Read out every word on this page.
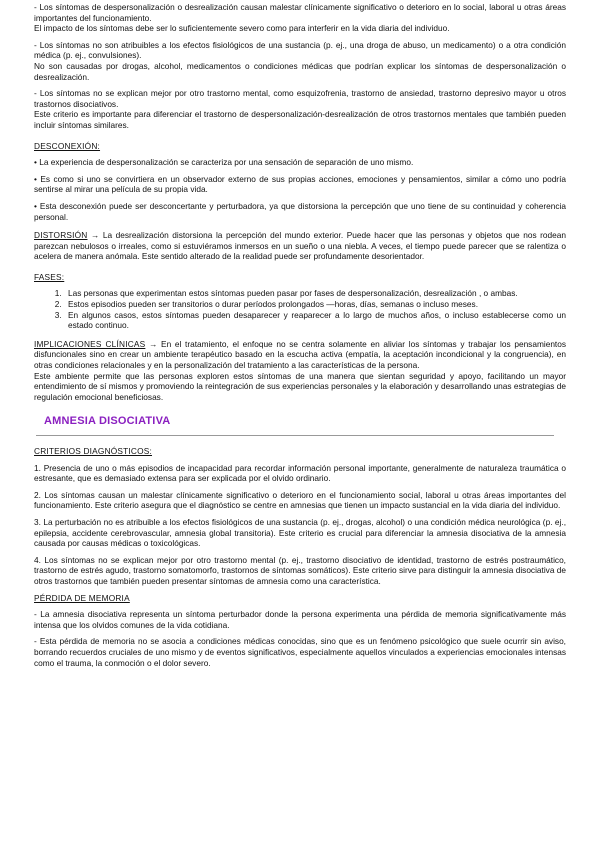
- Los síntomas de despersonalización o desrealización causan malestar clínicamente significativo o deterioro en lo social, laboral u otras áreas importantes del funcionamiento.

El impacto de los síntomas debe ser lo suficientemente severo como para interferir en la vida diaria del individuo.

- Los síntomas no son atribuibles a los efectos fisiológicos de una sustancia (p. ej., una droga de abuso, un medicamento) o a otra condición médica (p. ej., convulsiones).

No son causadas por drogas, alcohol, medicamentos o condiciones médicas que podrían explicar los síntomas de despersonalización o desrealización.

- Los síntomas no se explican mejor por otro trastorno mental, como esquizofrenia, trastorno de ansiedad, trastorno depresivo mayor u otros trastornos disociativos.

Este criterio es importante para diferenciar el trastorno de despersonalización-desrealización de otros trastornos mentales que también pueden incluir síntomas similares.

DESCONEXIÓN:

• La experiencia de despersonalización se caracteriza por una sensación de separación de uno mismo.

• Es como si uno se convirtiera en un observador externo de sus propias acciones, emociones y pensamientos, similar a cómo uno podría sentirse al mirar una película de su propia vida.

• Esta desconexión puede ser desconcertante y perturbadora, ya que distorsiona la percepción que uno tiene de su continuidad y coherencia personal.

DISTORSIÓN → La desrealización distorsiona la percepción del mundo exterior. Puede hacer que las personas y objetos que nos rodean parezcan nebulosos o irreales, como si estuviéramos inmersos en un sueño o una niebla. A veces, el tiempo puede parecer que se ralentiza o acelera de manera anómala. Este sentido alterado de la realidad puede ser profundamente desorientador.

FASES:
1. Las personas que experimentan estos síntomas pueden pasar por fases de despersonalización, desrealización , o ambas.
2. Estos episodios pueden ser transitorios o durar períodos prolongados —horas, días, semanas o incluso meses.
3. En algunos casos, estos síntomas pueden desaparecer y reaparecer a lo largo de muchos años, o incluso establecerse como un estado continuo.

IMPLICACIONES CLÍNICAS → En el tratamiento, el enfoque no se centra solamente en aliviar los síntomas y trabajar los pensamientos disfuncionales sino en crear un ambiente terapéutico basado en la escucha activa (empatía, la aceptación incondicional y la congruencia), en otras condiciones relacionales y en la personalización del tratamiento a las características de la persona.

Este ambiente permite que las personas exploren estos síntomas de una manera que sientan seguridad y apoyo, facilitando un mayor entendimiento de sí mismos y promoviendo la reintegración de sus experiencias personales y la elaboración y desarrollando unas estrategias de regulación emocional beneficiosas.

AMNESIA DISOCIATIVA
CRITERIOS DIAGNÓSTICOS:

1. Presencia de uno o más episodios de incapacidad para recordar información personal importante, generalmente de naturaleza traumática o estresante, que es demasiado extensa para ser explicada por el olvido ordinario.

2. Los síntomas causan un malestar clínicamente significativo o deterioro en el funcionamiento social, laboral u otras áreas importantes del funcionamiento. Este criterio asegura que el diagnóstico se centre en amnesias que tienen un impacto sustancial en la vida diaria del individuo.

3. La perturbación no es atribuible a los efectos fisiológicos de una sustancia (p. ej., drogas, alcohol) o una condición médica neurológica (p. ej., epilepsia, accidente cerebrovascular, amnesia global transitoria). Este criterio es crucial para diferenciar la amnesia disociativa de la amnesia causada por causas médicas o toxicológicas.

4. Los síntomas no se explican mejor por otro trastorno mental (p. ej., trastorno disociativo de identidad, trastorno de estrés postraumático, trastorno de estrés agudo, trastorno somatomorfo, trastornos de síntomas somáticos). Este criterio sirve para distinguir la amnesia disociativa de otros trastornos que también pueden presentar síntomas de amnesia como una característica.

PÉRDIDA DE MEMORIA

- La amnesia disociativa representa un síntoma perturbador donde la persona experimenta una pérdida de memoria significativamente más intensa que los olvidos comunes de la vida cotidiana.

- Esta pérdida de memoria no se asocia a condiciones médicas conocidas, sino que es un fenómeno psicológico que suele ocurrir sin aviso, borrando recuerdos cruciales de uno mismo y de eventos significativos, especialmente aquellos vinculados a experiencias emocionales intensas como el trauma, la conmoción o el dolor severo.
